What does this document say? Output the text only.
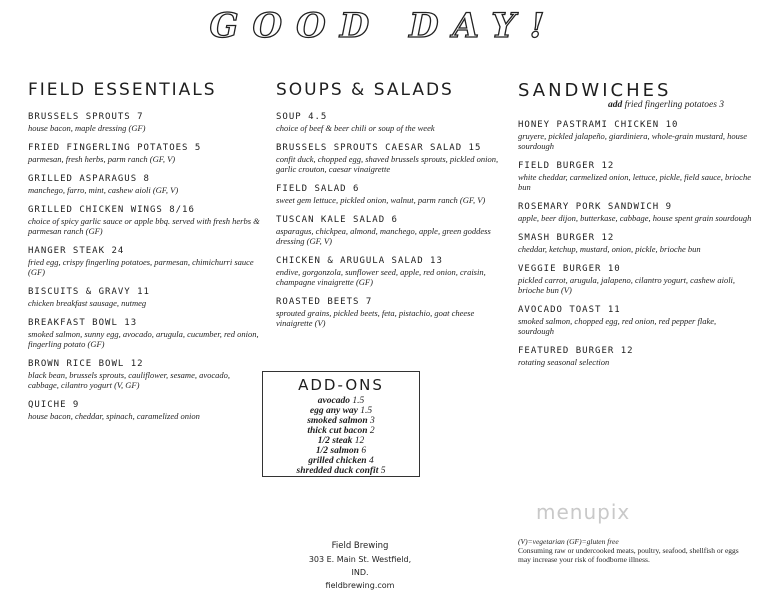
GOOD DAY!
FIELD ESSENTIALS
BRUSSELS SPROUTS 7
house bacon, maple dressing (GF)
FRIED FINGERLING POTATOES 5
parmesan, fresh herbs, parm ranch (GF, V)
GRILLED ASPARAGUS 8
manchego, farro, mint, cashew aioli (GF, V)
GRILLED CHICKEN WINGS 8/16
choice of spicy garlic sauce or apple bbq. served with fresh herbs & parmesan ranch (GF)
HANGER STEAK 24
fried egg, crispy fingerling potatoes, parmesan, chimichurri sauce (GF)
BISCUITS & GRAVY 11
chicken breakfast sausage, nutmeg
BREAKFAST BOWL 13
smoked salmon, sunny egg, avocado, arugula, cucumber, red onion, fingerling potato (GF)
BROWN RICE BOWL 12
black bean, brussels sprouts, cauliflower, sesame, avocado, cabbage, cilantro yogurt (V, GF)
QUICHE 9
house bacon, cheddar, spinach, caramelized onion
SOUPS & SALADS
SOUP 4.5
choice of beef & beer chili or soup of the week
BRUSSELS SPROUTS CAESAR SALAD 15
confit duck, chopped egg, shaved brussels sprouts, pickled onion, garlic crouton, caesar vinaigrette
FIELD SALAD 6
sweet gem lettuce, pickled onion, walnut, parm ranch (GF, V)
TUSCAN KALE SALAD 6
asparagus, chickpea, almond, manchego, apple, green goddess dressing (GF, V)
CHICKEN & ARUGULA SALAD 13
endive, gorgonzola, sunflower seed, apple, red onion, craisin, champagne vinaigrette (GF)
ROASTED BEETS 7
sprouted grains, pickled beets, feta, pistachio, goat cheese vinaigrette (V)
ADD-ONS
avocado 1.5
egg any way 1.5
smoked salmon 3
thick cut bacon 2
1/2 steak 12
1/2 salmon 6
grilled chicken 4
shredded duck confit 5
SANDWICHES
add fried fingerling potatoes 3
HONEY PASTRAMI CHICKEN 10
gruyere, pickled jalapeño, giardiniera, whole-grain mustard, house sourdough
FIELD BURGER 12
white cheddar, carmelized onion, lettuce, pickle, field sauce, brioche bun
ROSEMARY PORK SANDWICH 9
apple, beer dijon, butterkase, cabbage, house spent grain sourdough
SMASH BURGER 12
cheddar, ketchup, mustard, onion, pickle, brioche bun
VEGGIE BURGER 10
pickled carrot, arugula, jalapeno, cilantro yogurt, cashew aioli, brioche bun (V)
AVOCADO TOAST 11
smoked salmon, chopped egg, red onion, red pepper flake, sourdough
FEATURED BURGER 12
rotating seasonal selection
Field Brewing
303 E. Main St. Westfield, IND.
fieldbrewing.com
menupix
(V)=vegetarian (GF)=gluten free
Consuming raw or undercooked meats, poultry, seafood, shellfish or eggs may increase your risk of foodborne illness.
